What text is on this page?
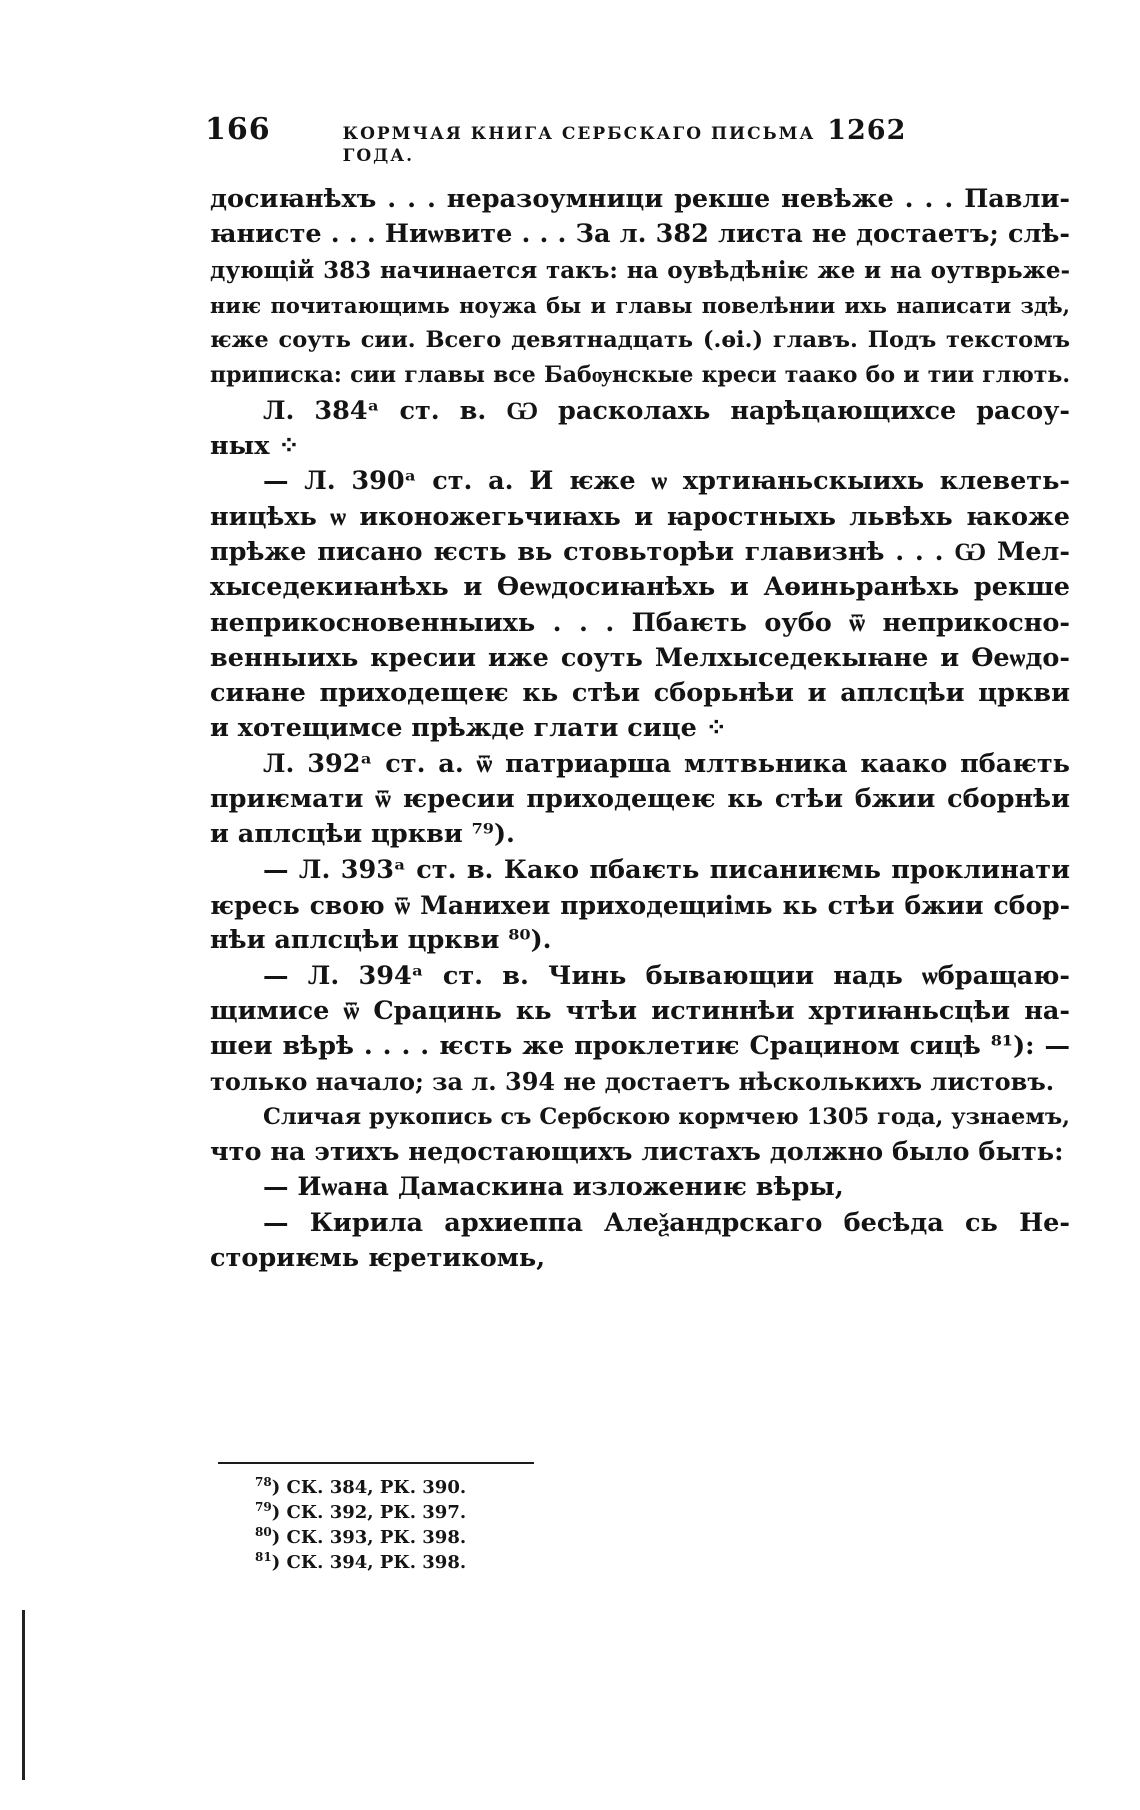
166	КОРМЧАЯ КНИГА СЕРБСКАГО ПИСЬМА 1262 ГОДА.
досиꙗнѣхъ . . . неразоумници рекше невѣже . . . Павли-
ꙗнисте . . . Ниѡвите . . . За л. 382 листа не достаетъ; слѣ-
дующій 383 начинается такъ: на оувѣдѣніѥ же и на оутврьже-
ниѥ почитающимь ноужа бы и главы повелѣнии ихь написати здѣ,
ѥже соуть сии. Всего девятнадцать (.ѳі.) главъ. Подъ текстомъ
приписка: сии главы все Бабѹнскые креси таако бо и тии глють.
Л. 384ᵃ ст. в. Ѡ расколахь нарѣцающихсе расоу-
ных ⁘
— Л. 390ᵃ ст. а. И ѥже ѡ хртиꙗньскыихь клеветь-
ницѣхь ѡ иконожегьчиꙗхь и ꙗростныхь львѣхь ꙗкоже
прѣже писано ѥсть вь стовьторѣи главизнѣ . . . Ѡ Мел-
хыседекиꙗнѣхь и Ѳеѡдосиꙗнѣхь и Аѳиньранѣхь рекше
неприкосновенныихь . . . Пбаѥть оубо ѿ неприкосно-
венныихь кресии иже соуть Мелхыседекыꙗне и Ѳеѡдо-
сиꙗне приходещеѥ кь стѣи сборьнѣи и аплсцѣи цркви
и хотещимсе прѣжде глати сице ⁘
Л. 392ᵃ ст. а. ѿ патриарша млтвьника каако пбаѥть
приѥмати ѿ ѥресии приходещеѥ кь стѣи бжии сборнѣи
и аплсцѣи цркви ⁷⁹).
— Л. 393ᵃ ст. в. Како пбаѥть писаниѥмь проклинати
ѥресь свою ѿ Манихеи приходещиімь кь стѣи бжии сбор-
нѣи аплсцѣи цркви ⁸⁰).
— Л. 394ᵃ ст. в. Чинь бывающии надь ѡбращаю-
щимисе ѿ Срацинь кь чтѣи истиннѣи хртиꙗньсцѣи на-
шеи вѣрѣ . . . . ѥсть же проклетиѥ Срацином сицѣ ⁸¹): —
только начало; за л. 394 не достаетъ нѣсколькихъ листовъ.
Сличая рукопись съ Сербскою кормчею 1305 года, узнаемъ,
что на этихъ недостающихъ листахъ должно было быть:
— Иѡана Дамаскина изложениѥ вѣры,
— Кирила архиеппа Алеѯандрскаго бесѣда сь Не-
сториѥмь ѥретикомь,
$^{78}$) СК. 384, РК. 390.
$^{79}$) СК. 392, РК. 397.
$^{80}$) СК. 393, РК. 398.
$^{81}$) СК. 394, РК. 398.
